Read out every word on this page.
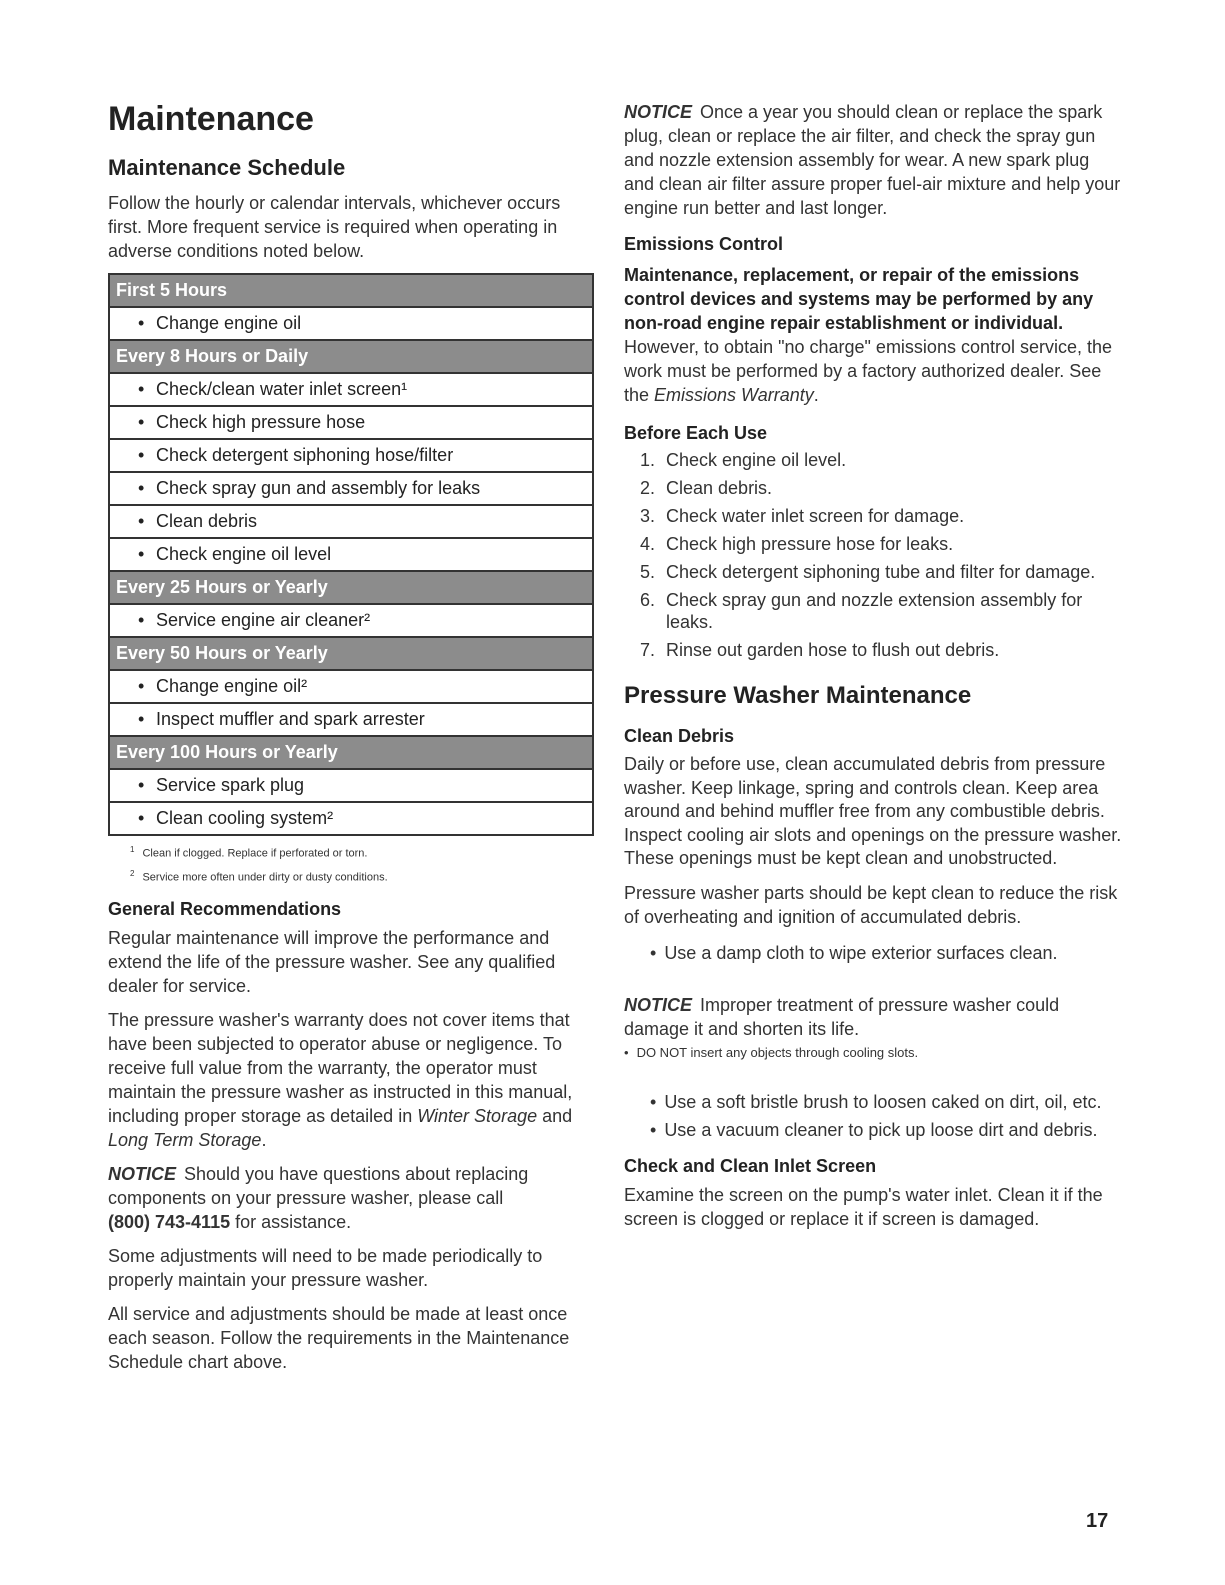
Maintenance
Maintenance Schedule

Follow the hourly or calendar intervals, whichever occurs first. More frequent service is required when operating in adverse conditions noted below.

First 5 Hours
• Change engine oil
Every 8 Hours or Daily
• Check/clean water inlet screen¹
• Check high pressure hose
• Check detergent siphoning hose/filter
• Check spray gun and assembly for leaks
• Clean debris
• Check engine oil level
Every 25 Hours or Yearly
• Service engine air cleaner²
Every 50 Hours or Yearly
• Change engine oil²
• Inspect muffler and spark arrester
Every 100 Hours or Yearly
• Service spark plug
• Clean cooling system²
$^1$ Clean if clogged. Replace if perforated or torn.
$^2$ Service more often under dirty or dusty conditions.
General Recommendations

Regular maintenance will improve the performance and extend the life of the pressure washer. See any qualified dealer for service.

The pressure washer's warranty does not cover items that have been subjected to operator abuse or negligence. To receive full value from the warranty, the operator must maintain the pressure washer as instructed in this manual, including proper storage as detailed in Winter Storage and Long Term Storage.

NOTICE Should you have questions about replacing components on your pressure washer, please call
(800) 743-4115 for assistance.

Some adjustments will need to be made periodically to properly maintain your pressure washer.

All service and adjustments should be made at least once each season. Follow the requirements in the Maintenance Schedule chart above.

NOTICE Once a year you should clean or replace the spark plug, clean or replace the air filter, and check the spray gun and nozzle extension assembly for wear. A new spark plug and clean air filter assure proper fuel-air mixture and help your engine run better and last longer.

Emissions Control

Maintenance, replacement, or repair of the emissions control devices and systems may be performed by any non-road engine repair establishment or individual.

However, to obtain "no charge" emissions control service, the work must be performed by a factory authorized dealer. See the Emissions Warranty.

Before Each Use
1. Check engine oil level.
2. Clean debris.
3. Check water inlet screen for damage.
4. Check high pressure hose for leaks.
5. Check detergent siphoning tube and filter for damage.
6. Check spray gun and nozzle extension assembly for leaks.
7. Rinse out garden hose to flush out debris.
Pressure Washer Maintenance
Clean Debris

Daily or before use, clean accumulated debris from pressure washer. Keep linkage, spring and controls clean. Keep area around and behind muffler free from any combustible debris. Inspect cooling air slots and openings on the pressure washer. These openings must be kept clean and unobstructed.

Pressure washer parts should be kept clean to reduce the risk of overheating and ignition of accumulated debris.

• Use a damp cloth to wipe exterior surfaces clean.

NOTICE Improper treatment of pressure washer could damage it and shorten its life.

• DO NOT insert any objects through cooling slots.
• Use a soft bristle brush to loosen caked on dirt, oil, etc.
• Use a vacuum cleaner to pick up loose dirt and debris.
Check and Clean Inlet Screen

Examine the screen on the pump's water inlet. Clean it if the screen is clogged or replace it if screen is damaged.

17
